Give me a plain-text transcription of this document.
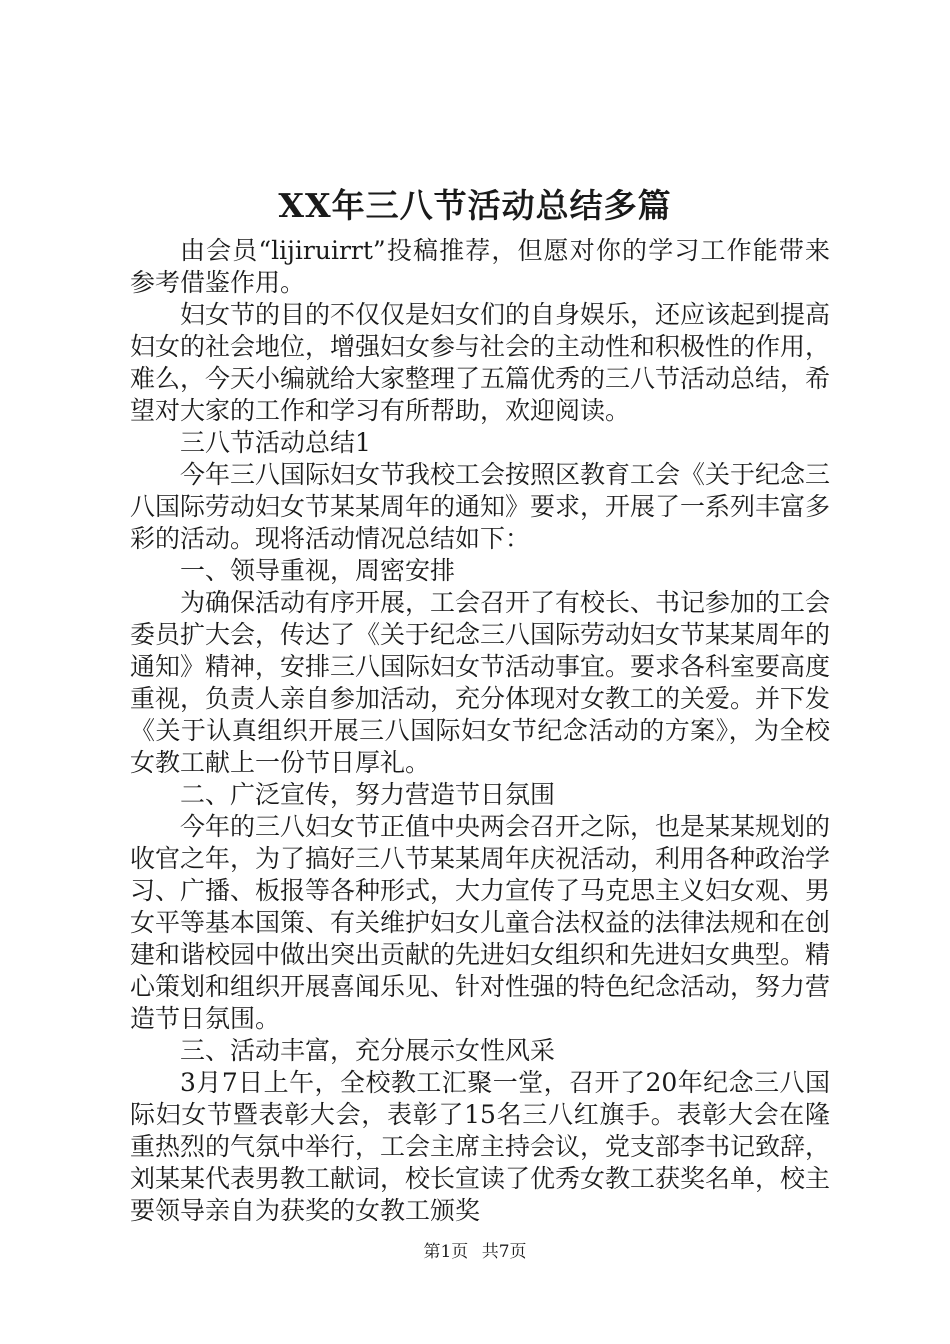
XX年三八节活动总结多篇

由会员“lijiruirrt”投稿推荐，但愿对你的学习工作能带来参考借鉴作用。

妇女节的目的不仅仅是妇女们的自身娱乐，还应该起到提高妇女的社会地位，增强妇女参与社会的主动性和积极性的作用，难么，今天小编就给大家整理了五篇优秀的三八节活动总结，希望对大家的工作和学习有所帮助，欢迎阅读。

三八节活动总结1

今年三八国际妇女节我校工会按照区教育工会《关于纪念三八国际劳动妇女节某某周年的通知》要求，开展了一系列丰富多彩的活动。现将活动情况总结如下：

一、领导重视，周密安排

为确保活动有序开展，工会召开了有校长、书记参加的工会委员扩大会，传达了《关于纪念三八国际劳动妇女节某某周年的通知》精神，安排三八国际妇女节活动事宜。要求各科室要高度重视，负责人亲自参加活动，充分体现对女教工的关爱。并下发《关于认真组织开展三八国际妇女节纪念活动的方案》，为全校女教工献上一份节日厚礼。

二、广泛宣传，努力营造节日氛围

今年的三八妇女节正值中央两会召开之际，也是某某规划的收官之年，为了搞好三八节某某周年庆祝活动，利用各种政治学习、广播、板报等各种形式，大力宣传了马克思主义妇女观、男女平等基本国策、有关维护妇女儿童合法权益的法律法规和在创建和谐校园中做出突出贡献的先进妇女组织和先进妇女典型。精心策划和组织开展喜闻乐见、针对性强的特色纪念活动，努力营造节日氛围。

三、活动丰富，充分展示女性风采

3月7日上午，全校教工汇聚一堂，召开了20年纪念三八国际妇女节暨表彰大会，表彰了15名三八红旗手。表彰大会在隆重热烈的气氛中举行，工会主席主持会议，党支部李书记致辞，刘某某代表男教工献词，校长宣读了优秀女教工获奖名单，校主要领导亲自为获奖的女教工颁奖

第1页 共7页
